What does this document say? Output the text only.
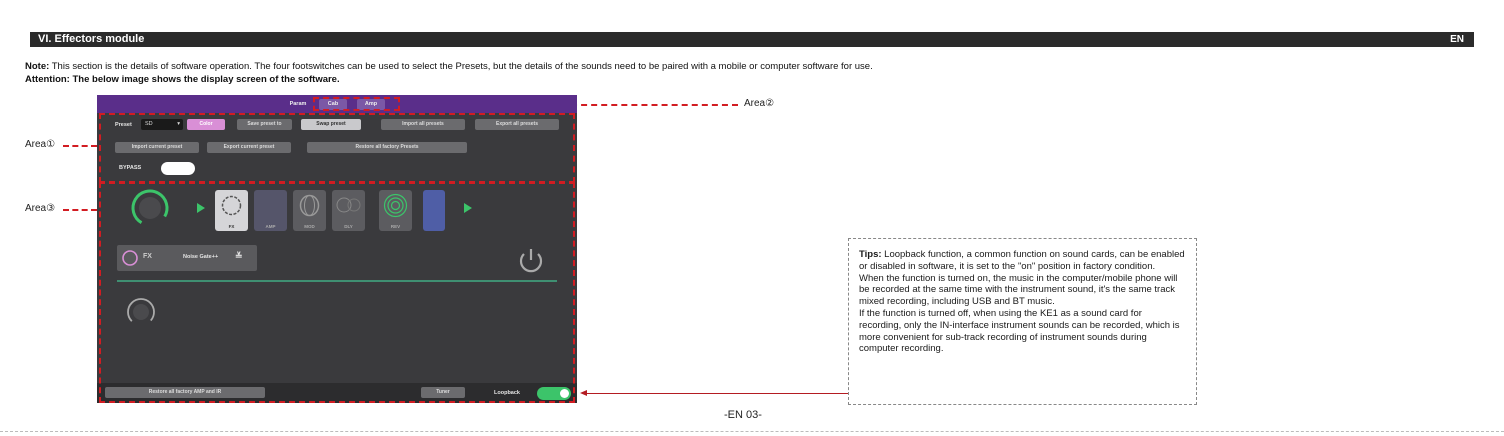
VI. Effectors module	EN
Note: This section is the details of software operation. The four footswitches can be used to select the Presets, but the details of the sounds need to be paired with a mobile or computer software for use.
Attention: The below image shows the display screen of the software.
Area①
Area③
Area②
Param	Cab	Amp
Preset	SD	▾	Color	Save preset to	Swap preset	Import all presets	Export all presets
Import current preset	Export current preset	Restore all factory Presets
BYPASS
FX	AMP	MOD	DLY	REV
FX	Noise Gate++ ≚
Restore all factory AMP and IR	Tuner	Loopback

Tips: Loopback function, a common function on sound cards, can be enabled or disabled in software, it is set to the "on" position in factory condition.

When the function is turned on, the music in the computer/mobile phone will be recorded at the same time with the instrument sound, it's the same track mixed recording, including USB and BT music.

If the function is turned off, when using the KE1 as a sound card for recording, only the IN-interface instrument sounds can be recorded, which is more convenient for sub-track recording of instrument sounds during computer recording.

-EN 03-
